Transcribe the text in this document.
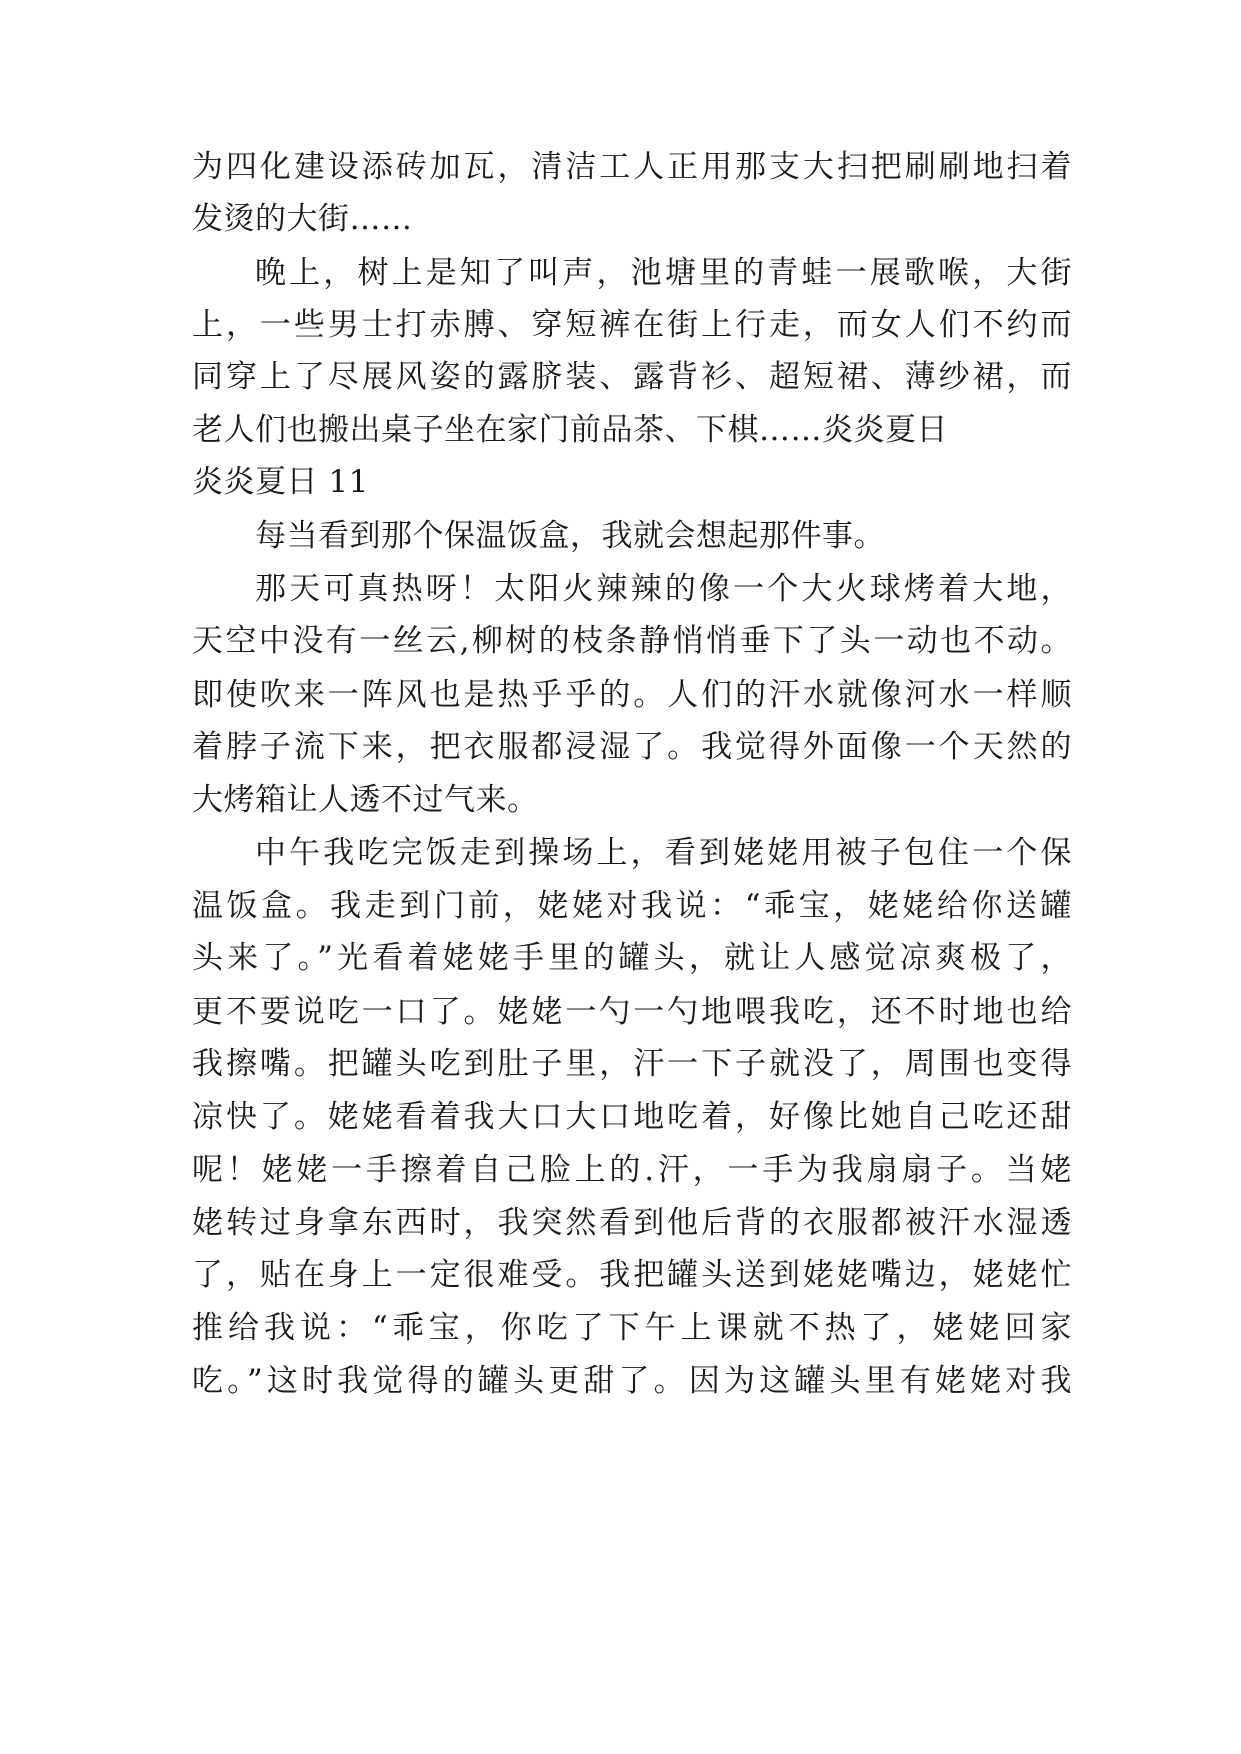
为四化建设添砖加瓦，清洁工人正用那支大扫把刷刷地扫着
发烫的大街……
晚上，树上是知了叫声，池塘里的青蛙一展歌喉，大街
上，一些男士打赤膊、穿短裤在街上行走，而女人们不约而
同穿上了尽展风姿的露脐装、露背衫、超短裙、薄纱裙，而
老人们也搬出桌子坐在家门前品茶、下棋……炎炎夏日
炎炎夏日 11
每当看到那个保温饭盒，我就会想起那件事。
那天可真热呀！太阳火辣辣的像一个大火球烤着大地，
天空中没有一丝云,柳树的枝条静悄悄垂下了头一动也不动。
即使吹来一阵风也是热乎乎的。人们的汗水就像河水一样顺
着脖子流下来，把衣服都浸湿了。我觉得外面像一个天然的
大烤箱让人透不过气来。
中午我吃完饭走到操场上，看到姥姥用被子包住一个保
温饭盒。我走到门前，姥姥对我说：“乖宝，姥姥给你送罐
头来了。”光看着姥姥手里的罐头，就让人感觉凉爽极了，
更不要说吃一口了。姥姥一勺一勺地喂我吃，还不时地也给
我擦嘴。把罐头吃到肚子里，汗一下子就没了，周围也变得
凉快了。姥姥看着我大口大口地吃着，好像比她自己吃还甜
呢！姥姥一手擦着自己脸上的.汗，一手为我扇扇子。当姥
姥转过身拿东西时，我突然看到他后背的衣服都被汗水湿透
了，贴在身上一定很难受。我把罐头送到姥姥嘴边，姥姥忙
推给我说：“乖宝，你吃了下午上课就不热了，姥姥回家
吃。”这时我觉得的罐头更甜了。因为这罐头里有姥姥对我
